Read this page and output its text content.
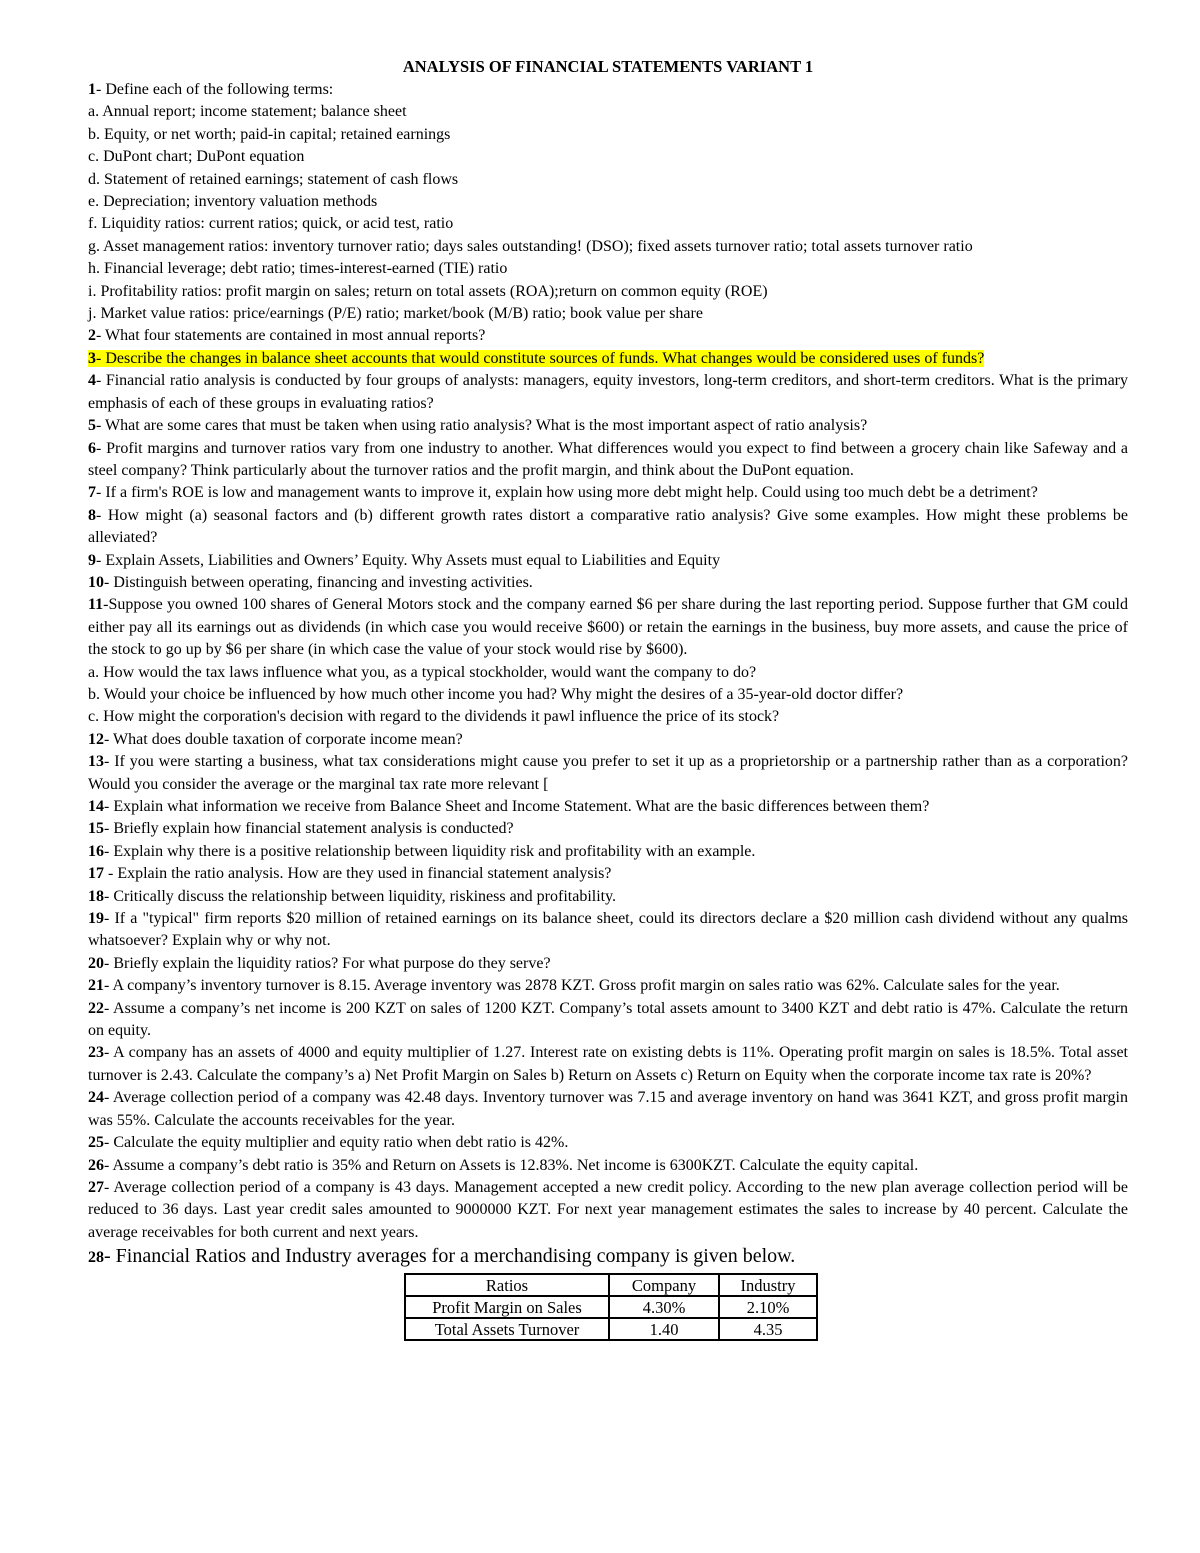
ANALYSIS OF FINANCIAL STATEMENTS VARIANT 1

1- Define each of the following terms:

a. Annual report; income statement; balance sheet

b. Equity, or net worth; paid-in capital; retained earnings

c. DuPont chart; DuPont equation

d. Statement of retained earnings; statement of cash flows

e. Depreciation; inventory valuation methods

f. Liquidity ratios: current ratios; quick, or acid test, ratio

g. Asset management ratios: inventory turnover ratio; days sales outstanding! (DSO); fixed assets turnover ratio; total assets turnover ratio

h. Financial leverage; debt ratio; times-interest-earned (TIE) ratio

i. Profitability ratios: profit margin on sales; return on total assets (ROA);return on common equity (ROE)

j. Market value ratios: price/earnings (P/E) ratio; market/book (M/B) ratio; book value per share

2- What four statements are contained in most annual reports?

3- Describe the changes in balance sheet accounts that would constitute sources of funds. What changes would be considered uses of funds?

4- Financial ratio analysis is conducted by four groups of analysts: managers, equity investors, long-term creditors, and short-term creditors. What is the primary emphasis of each of these groups in evaluating ratios?

5- What are some cares that must be taken when using ratio analysis? What is the most important aspect of ratio analysis?

6- Profit margins and turnover ratios vary from one industry to another. What differences would you expect to find between a grocery chain like Safeway and a steel company? Think particularly about the turnover ratios and the profit margin, and think about the DuPont equation.

7- If a firm's ROE is low and management wants to improve it, explain how using more debt might help. Could using too much debt be a detriment?

8- How might (a) seasonal factors and (b) different growth rates distort a comparative ratio analysis? Give some examples. How might these problems be alleviated?

9- Explain Assets, Liabilities and Owners’ Equity. Why Assets must equal to Liabilities and Equity

10- Distinguish between operating, financing and investing activities.

11-Suppose you owned 100 shares of General Motors stock and the company earned $6 per share during the last reporting period. Suppose further that GM could either pay all its earnings out as dividends (in which case you would receive $600) or retain the earnings in the business, buy more assets, and cause the price of the stock to go up by $6 per share (in which case the value of your stock would rise by $600).

a. How would the tax laws influence what you, as a typical stockholder, would want the company to do?

b. Would your choice be influenced by how much other income you had? Why might the desires of a 35-year-old doctor differ?

c. How might the corporation's decision with regard to the dividends it pawl influence the price of its stock?

12- What does double taxation of corporate income mean?

13- If you were starting a business, what tax considerations might cause you prefer to set it up as a proprietorship or a partnership rather than as a corporation? Would you consider the average or the marginal tax rate more relevant [

14- Explain what information we receive from Balance Sheet and Income Statement. What are the basic differences between them?

15- Briefly explain how financial statement analysis is conducted?

16- Explain why there is a positive relationship between liquidity risk and profitability with an example.

17 - Explain the ratio analysis. How are they used in financial statement analysis?

18- Critically discuss the relationship between liquidity, riskiness and profitability.

19- If a "typical" firm reports $20 million of retained earnings on its balance sheet, could its directors declare a $20 million cash dividend without any qualms whatsoever? Explain why or why not.

20- Briefly explain the liquidity ratios? For what purpose do they serve?

21- A company’s inventory turnover is 8.15. Average inventory was 2878 KZT. Gross profit margin on sales ratio was 62%. Calculate sales for the year.

22- Assume a company’s net income is 200 KZT on sales of 1200 KZT. Company’s total assets amount to 3400 KZT and debt ratio is 47%. Calculate the return on equity.

23- A company has an assets of 4000 and equity multiplier of 1.27. Interest rate on existing debts is 11%. Operating profit margin on sales is 18.5%. Total asset turnover is 2.43. Calculate the company’s a) Net Profit Margin on Sales b) Return on Assets c) Return on Equity when the corporate income tax rate is 20%?

24- Average collection period of a company was 42.48 days. Inventory turnover was 7.15 and average inventory on hand was 3641 KZT, and gross profit margin was 55%. Calculate the accounts receivables for the year.

25- Calculate the equity multiplier and equity ratio when debt ratio is 42%.

26- Assume a company’s debt ratio is 35% and Return on Assets is 12.83%. Net income is 6300KZT. Calculate the equity capital.

27- Average collection period of a company is 43 days. Management accepted a new credit policy. According to the new plan average collection period will be reduced to 36 days. Last year credit sales amounted to 9000000 KZT. For next year management estimates the sales to increase by 40 percent. Calculate the average receivables for both current and next years.

28- Financial Ratios and Industry averages for a merchandising company is given below.

Ratios	Company	Industry
Profit Margin on Sales	4.30%	2.10%
Total Assets Turnover	1.40	4.35
